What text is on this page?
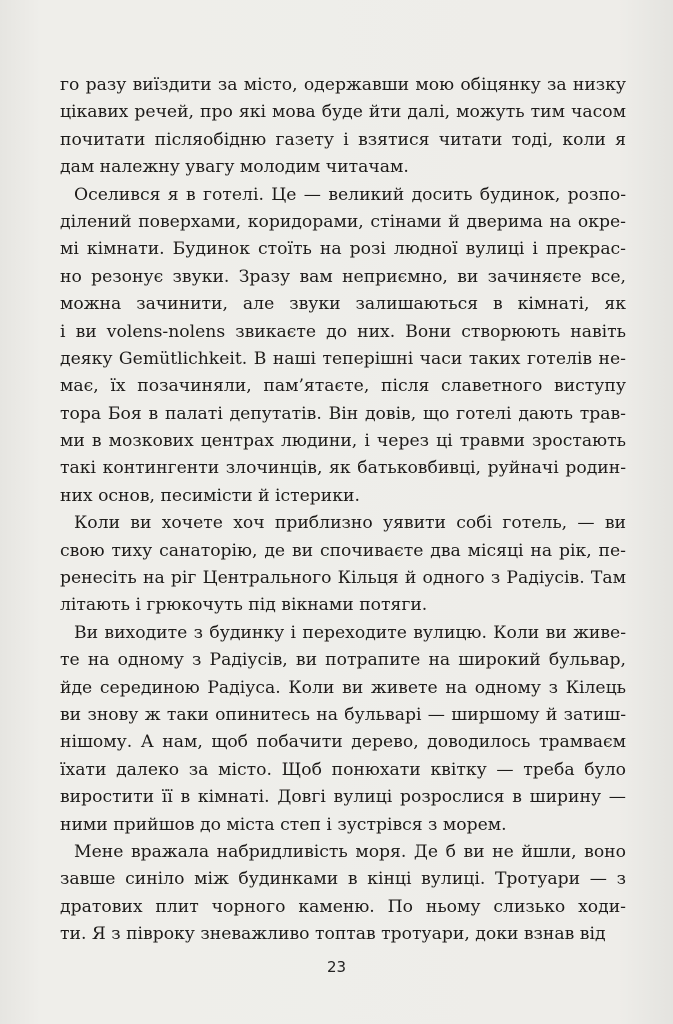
го разу виїздити за місто, одержавши мою обіцянку за низку
цікавих речей, про які мова буде йти далі, можуть тим часом
почитати післяобідню газету і взятися читати тоді, коли я
дам належну увагу молодим читачам.

Оселився я в готелі. Це — великий досить будинок, розпо-
ділений поверхами, коридорами, стінами й дверима на окре-
мі кімнати. Будинок стоїть на розі людної вулиці і прекрас-
но резонує звуки. Зразу вам неприємно, ви зачиняєте все,
можна зачинити, але звуки залишаються в кімнаті, як
і ви volens-nolens звикаєте до них. Вони створюють навіть
деяку Gemütlichkeit. В наші теперішні часи таких готелів не-
має, їх позачиняли, пам’ятаєте, після славетного виступу
тора Боя в палаті депутатів. Він довів, що готелі дають трав-
ми в мозкових центрах людини, і через ці травми зростають
такі контингенти злочинців, як батьковбивці, руйначі родин-
них основ, песимісти й істерики.

Коли ви хочете хоч приблизно уявити собі готель, — ви
свою тиху санаторію, де ви спочиваєте два місяці на рік, пе-
ренесіть на ріг Центрального Кільця й одного з Радіусів. Там
літають і грюкочуть під вікнами потяги.

Ви виходите з будинку і переходите вулицю. Коли ви живе-
те на одному з Радіусів, ви потрапите на широкий бульвар,
йде серединою Радіуса. Коли ви живете на одному з Кілець
ви знову ж таки опинитесь на бульварі — ширшому й затиш-
нішому. А нам, щоб побачити дерево, доводилось трамваєм
їхати далеко за місто. Щоб понюхати квітку — треба було
виростити її в кімнаті. Довгі вулиці розрослися в ширину —
ними прийшов до міста степ і зустрівся з морем.

Мене вражала набридливість моря. Де б ви не йшли, воно
завше синіло між будинками в кінці вулиці. Тротуари — з
дратових плит чорного каменю. По ньому слизько ходи-
ти. Я з півроку зневажливо топтав тротуари, доки взнав від

23
